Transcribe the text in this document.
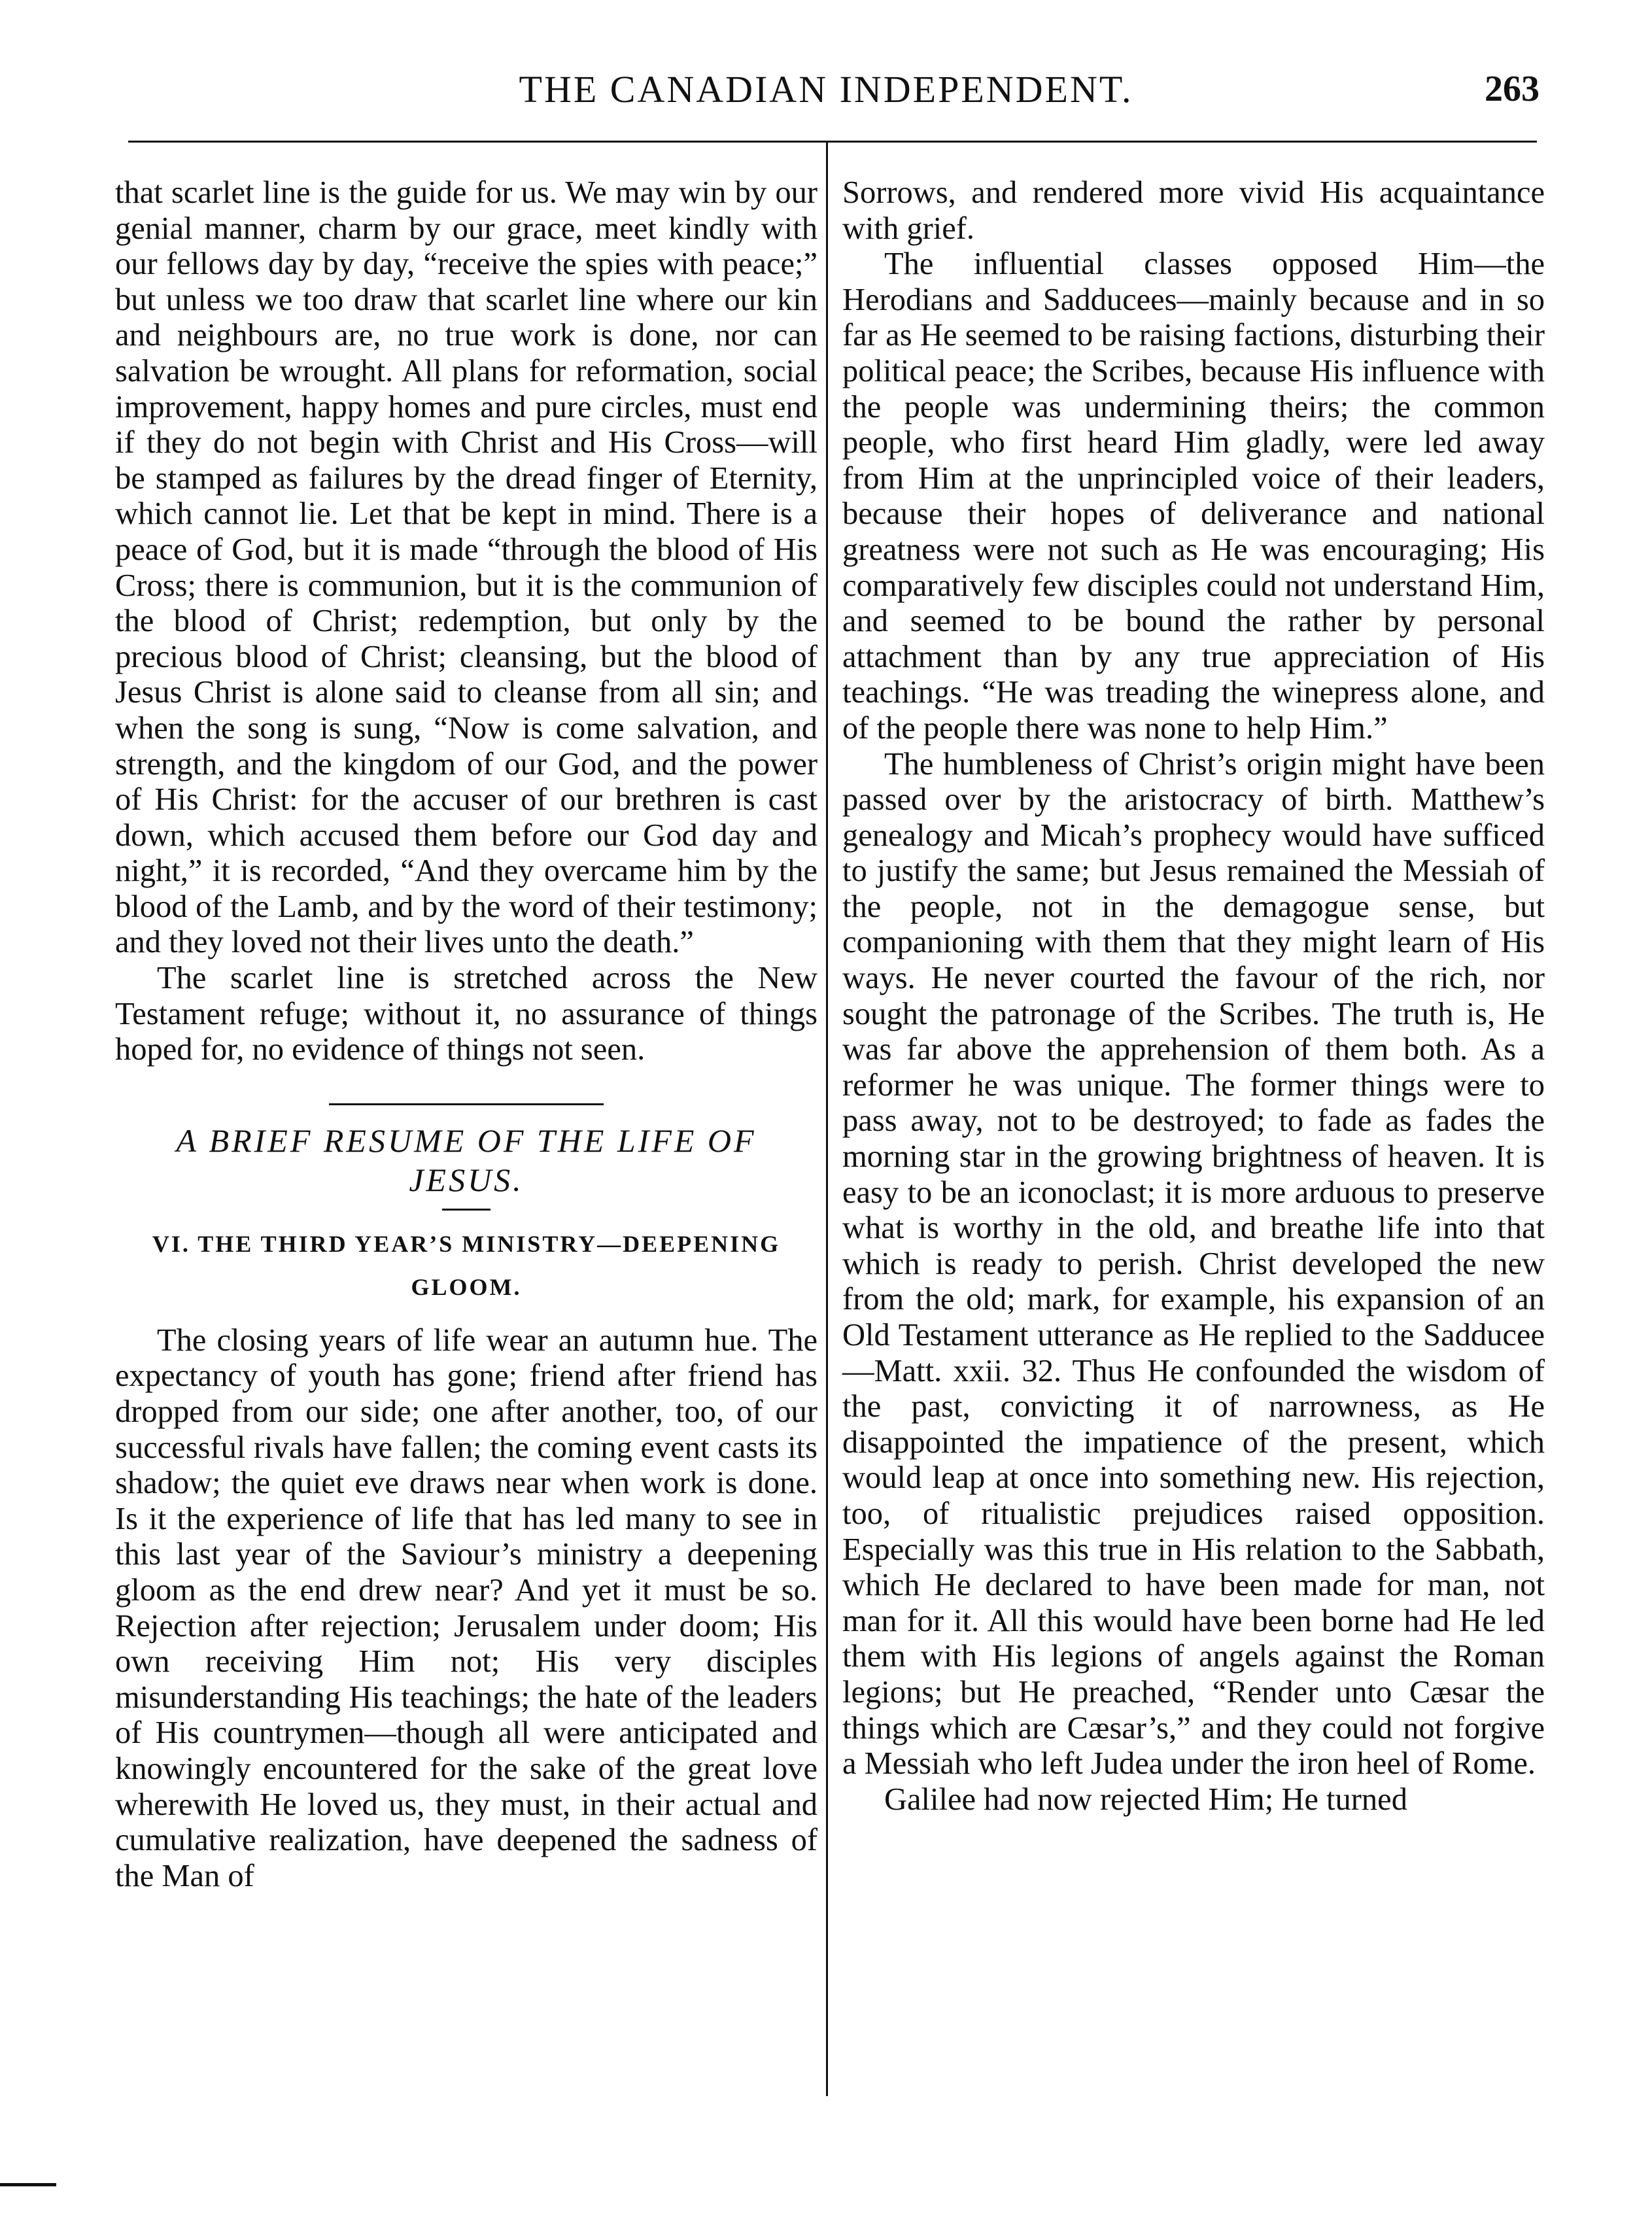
THE CANADIAN INDEPENDENT.	263

that scarlet line is the guide for us. We may win by our genial manner, charm by our grace, meet kindly with our fellows day by day, “receive the spies with peace;” but unless we too draw that scarlet line where our kin and neighbours are, no true work is done, nor can salvation be wrought. All plans for reformation, social improvement, happy homes and pure circles, must end if they do not begin with Christ and His Cross—will be stamped as failures by the dread finger of Eternity, which cannot lie. Let that be kept in mind. There is a peace of God, but it is made “through the blood of His Cross; there is communion, but it is the communion of the blood of Christ; redemption, but only by the precious blood of Christ; cleansing, but the blood of Jesus Christ is alone said to cleanse from all sin; and when the song is sung, “Now is come salvation, and strength, and the kingdom of our God, and the power of His Christ: for the accuser of our brethren is cast down, which accused them before our God day and night,” it is recorded, “And they overcame him by the blood of the Lamb, and by the word of their testimony; and they loved not their lives unto the death.”

The scarlet line is stretched across the New Testament refuge; without it, no assurance of things hoped for, no evidence of things not seen.

A BRIEF RESUME OF THE LIFE OF JESUS.
VI. THE THIRD YEAR’S MINISTRY—DEEPENING GLOOM.

The closing years of life wear an autumn hue. The expectancy of youth has gone; friend after friend has dropped from our side; one after another, too, of our successful rivals have fallen; the coming event casts its shadow; the quiet eve draws near when work is done. Is it the experience of life that has led many to see in this last year of the Saviour’s ministry a deepening gloom as the end drew near? And yet it must be so. Rejection after rejection; Jerusalem under doom; His own receiving Him not; His very disciples misunderstanding His teachings; the hate of the leaders of His countrymen—though all were anticipated and knowingly encountered for the sake of the great love wherewith He loved us, they must, in their actual and cumulative realization, have deepened the sadness of the Man of

Sorrows, and rendered more vivid His acquaintance with grief.

The influential classes opposed Him—the Herodians and Sadducees—mainly because and in so far as He seemed to be raising factions, disturbing their political peace; the Scribes, because His influence with the people was undermining theirs; the common people, who first heard Him gladly, were led away from Him at the unprincipled voice of their leaders, because their hopes of deliverance and national greatness were not such as He was encouraging; His comparatively few disciples could not understand Him, and seemed to be bound the rather by personal attachment than by any true appreciation of His teachings. “He was treading the winepress alone, and of the people there was none to help Him.”

The humbleness of Christ’s origin might have been passed over by the aristocracy of birth. Matthew’s genealogy and Micah’s prophecy would have sufficed to justify the same; but Jesus remained the Messiah of the people, not in the demagogue sense, but companioning with them that they might learn of His ways. He never courted the favour of the rich, nor sought the patronage of the Scribes. The truth is, He was far above the apprehension of them both. As a reformer he was unique. The former things were to pass away, not to be destroyed; to fade as fades the morning star in the growing brightness of heaven. It is easy to be an iconoclast; it is more arduous to preserve what is worthy in the old, and breathe life into that which is ready to perish. Christ developed the new from the old; mark, for example, his expansion of an Old Testament utterance as He replied to the Sadducee—Matt. xxii. 32. Thus He confounded the wisdom of the past, convicting it of narrowness, as He disappointed the impatience of the present, which would leap at once into something new. His rejection, too, of ritualistic prejudices raised opposition. Especially was this true in His relation to the Sabbath, which He declared to have been made for man, not man for it. All this would have been borne had He led them with His legions of angels against the Roman legions; but He preached, “Render unto Cæsar the things which are Cæsar’s,” and they could not forgive a Messiah who left Judea under the iron heel of Rome.

Galilee had now rejected Him; He turned
